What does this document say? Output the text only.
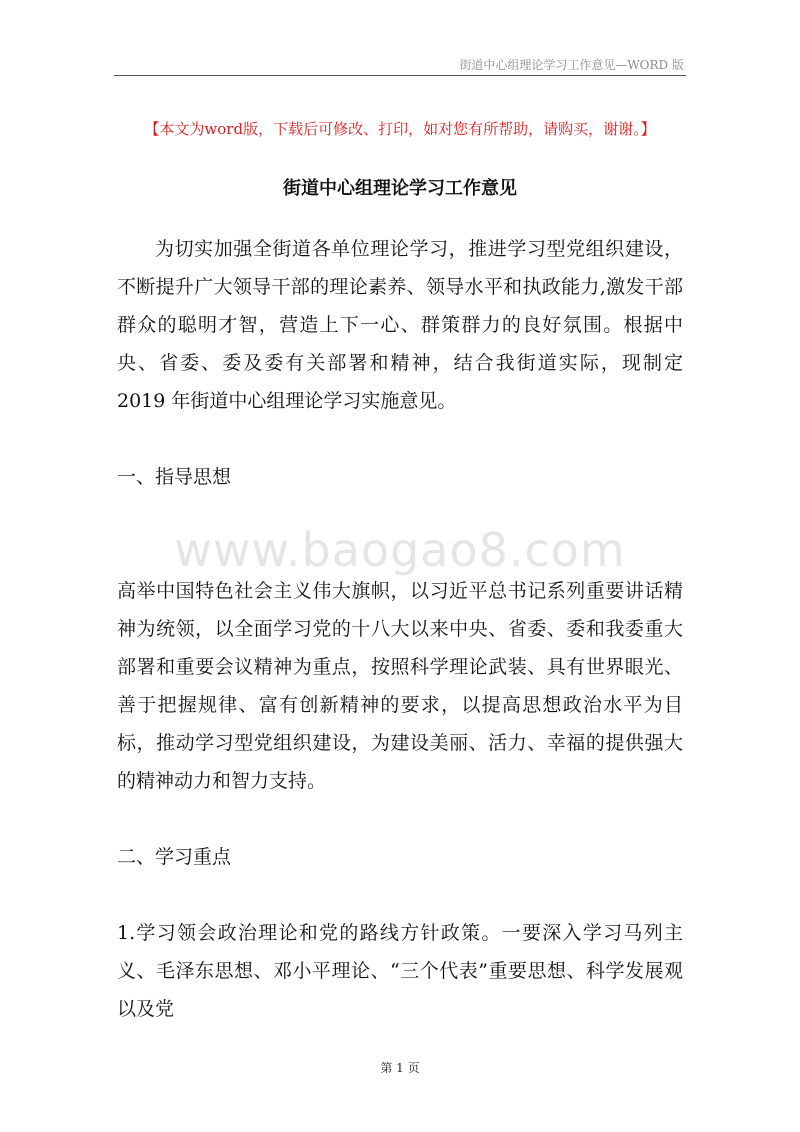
街道中心组理论学习工作意见—WORD 版
【本文为word版，下载后可修改、打印，如对您有所帮助，请购买，谢谢。】
街道中心组理论学习工作意见

为切实加强全街道各单位理论学习，推进学习型党组织建设，不断提升广大领导干部的理论素养、领导水平和执政能力,激发干部群众的聪明才智，营造上下一心、群策群力的良好氛围。根据中央、省委、委及委有关部署和精神，结合我街道实际，现制定 2019 年街道中心组理论学习实施意见。

一、指导思想

高举中国特色社会主义伟大旗帜，以习近平总书记系列重要讲话精神为统领，以全面学习党的十八大以来中央、省委、委和我委重大部署和重要会议精神为重点，按照科学理论武装、具有世界眼光、善于把握规律、富有创新精神的要求，以提高思想政治水平为目标，推动学习型党组织建设，为建设美丽、活力、幸福的提供强大的精神动力和智力支持。

二、学习重点

1.学习领会政治理论和党的路线方针政策。一要深入学习马列主义、毛泽东思想、邓小平理论、“三个代表”重要思想、科学发展观以及党

www.baogao8.com
第 1 页
